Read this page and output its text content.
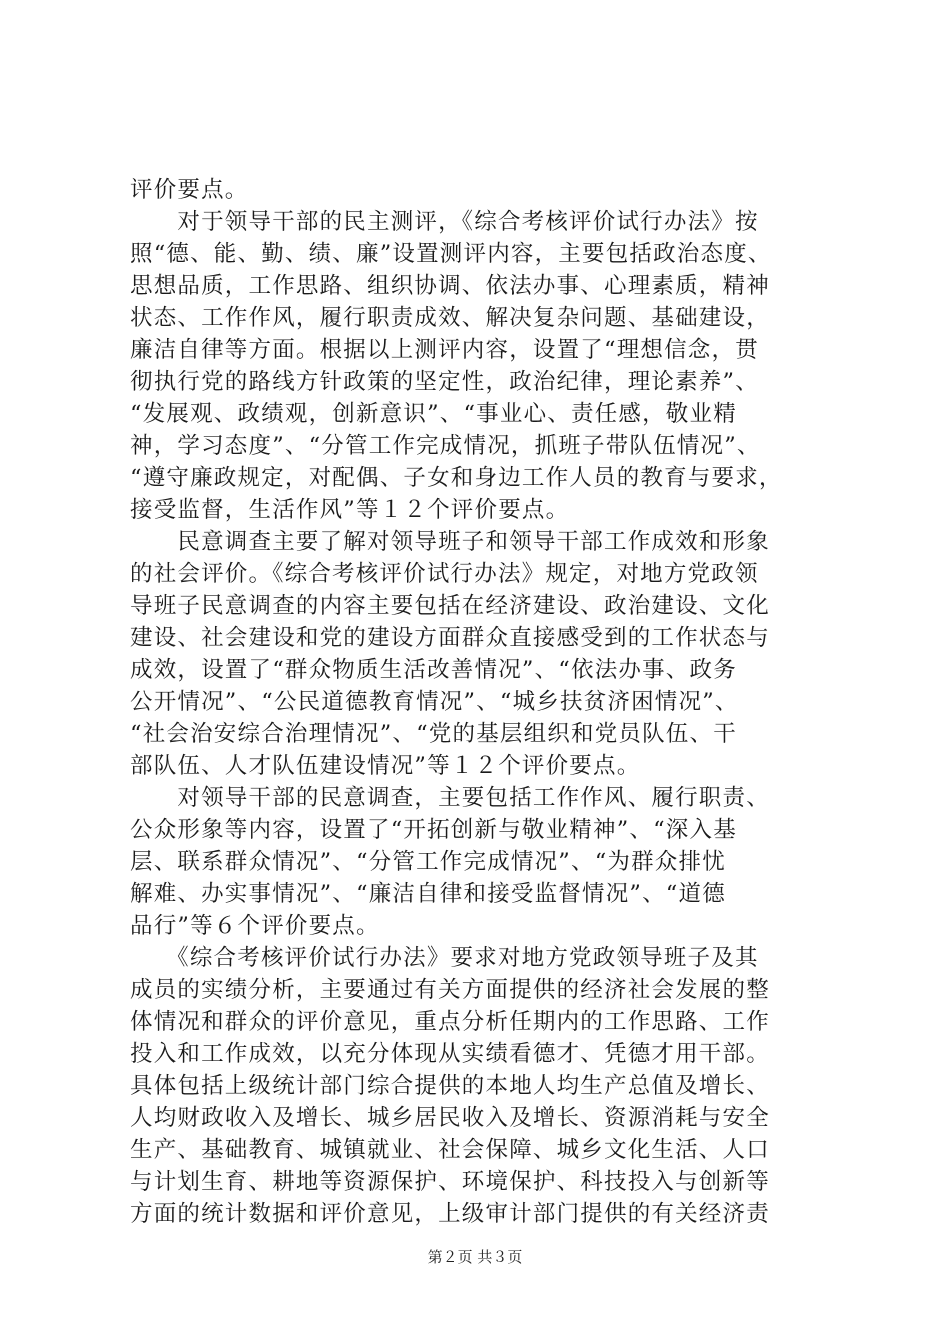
评价要点。
　　对于领导干部的民主测评，《综合考核评价试行办法》按
照“德、能、勤、绩、廉”设置测评内容，主要包括政治态度、
思想品质，工作思路、组织协调、依法办事、心理素质，精神
状态、工作作风，履行职责成效、解决复杂问题、基础建设，
廉洁自律等方面。根据以上测评内容，设置了“理想信念，贯
彻执行党的路线方针政策的坚定性，政治纪律，理论素养”、
“发展观、政绩观，创新意识”、“事业心、责任感，敬业精
神，学习态度”、“分管工作完成情况，抓班子带队伍情况”、
“遵守廉政规定，对配偶、子女和身边工作人员的教育与要求，
接受监督，生活作风”等１２个评价要点。
　　民意调查主要了解对领导班子和领导干部工作成效和形象
的社会评价。《综合考核评价试行办法》规定，对地方党政领
导班子民意调查的内容主要包括在经济建设、政治建设、文化
建设、社会建设和党的建设方面群众直接感受到的工作状态与
成效，设置了“群众物质生活改善情况”、“依法办事、政务
公开情况”、“公民道德教育情况”、“城乡扶贫济困情况”、
“社会治安综合治理情况”、“党的基层组织和党员队伍、干
部队伍、人才队伍建设情况”等１２个评价要点。
　　对领导干部的民意调查，主要包括工作作风、履行职责、
公众形象等内容，设置了“开拓创新与敬业精神”、“深入基
层、联系群众情况”、“分管工作完成情况”、“为群众排忧
解难、办实事情况”、“廉洁自律和接受监督情况”、“道德
品行”等６个评价要点。
　　《综合考核评价试行办法》要求对地方党政领导班子及其
成员的实绩分析，主要通过有关方面提供的经济社会发展的整
体情况和群众的评价意见，重点分析任期内的工作思路、工作
投入和工作成效，以充分体现从实绩看德才、凭德才用干部。
具体包括上级统计部门综合提供的本地人均生产总值及增长、
人均财政收入及增长、城乡居民收入及增长、资源消耗与安全
生产、基础教育、城镇就业、社会保障、城乡文化生活、人口
与计划生育、耕地等资源保护、环境保护、科技投入与创新等
方面的统计数据和评价意见，上级审计部门提供的有关经济责
第２页 共３页
